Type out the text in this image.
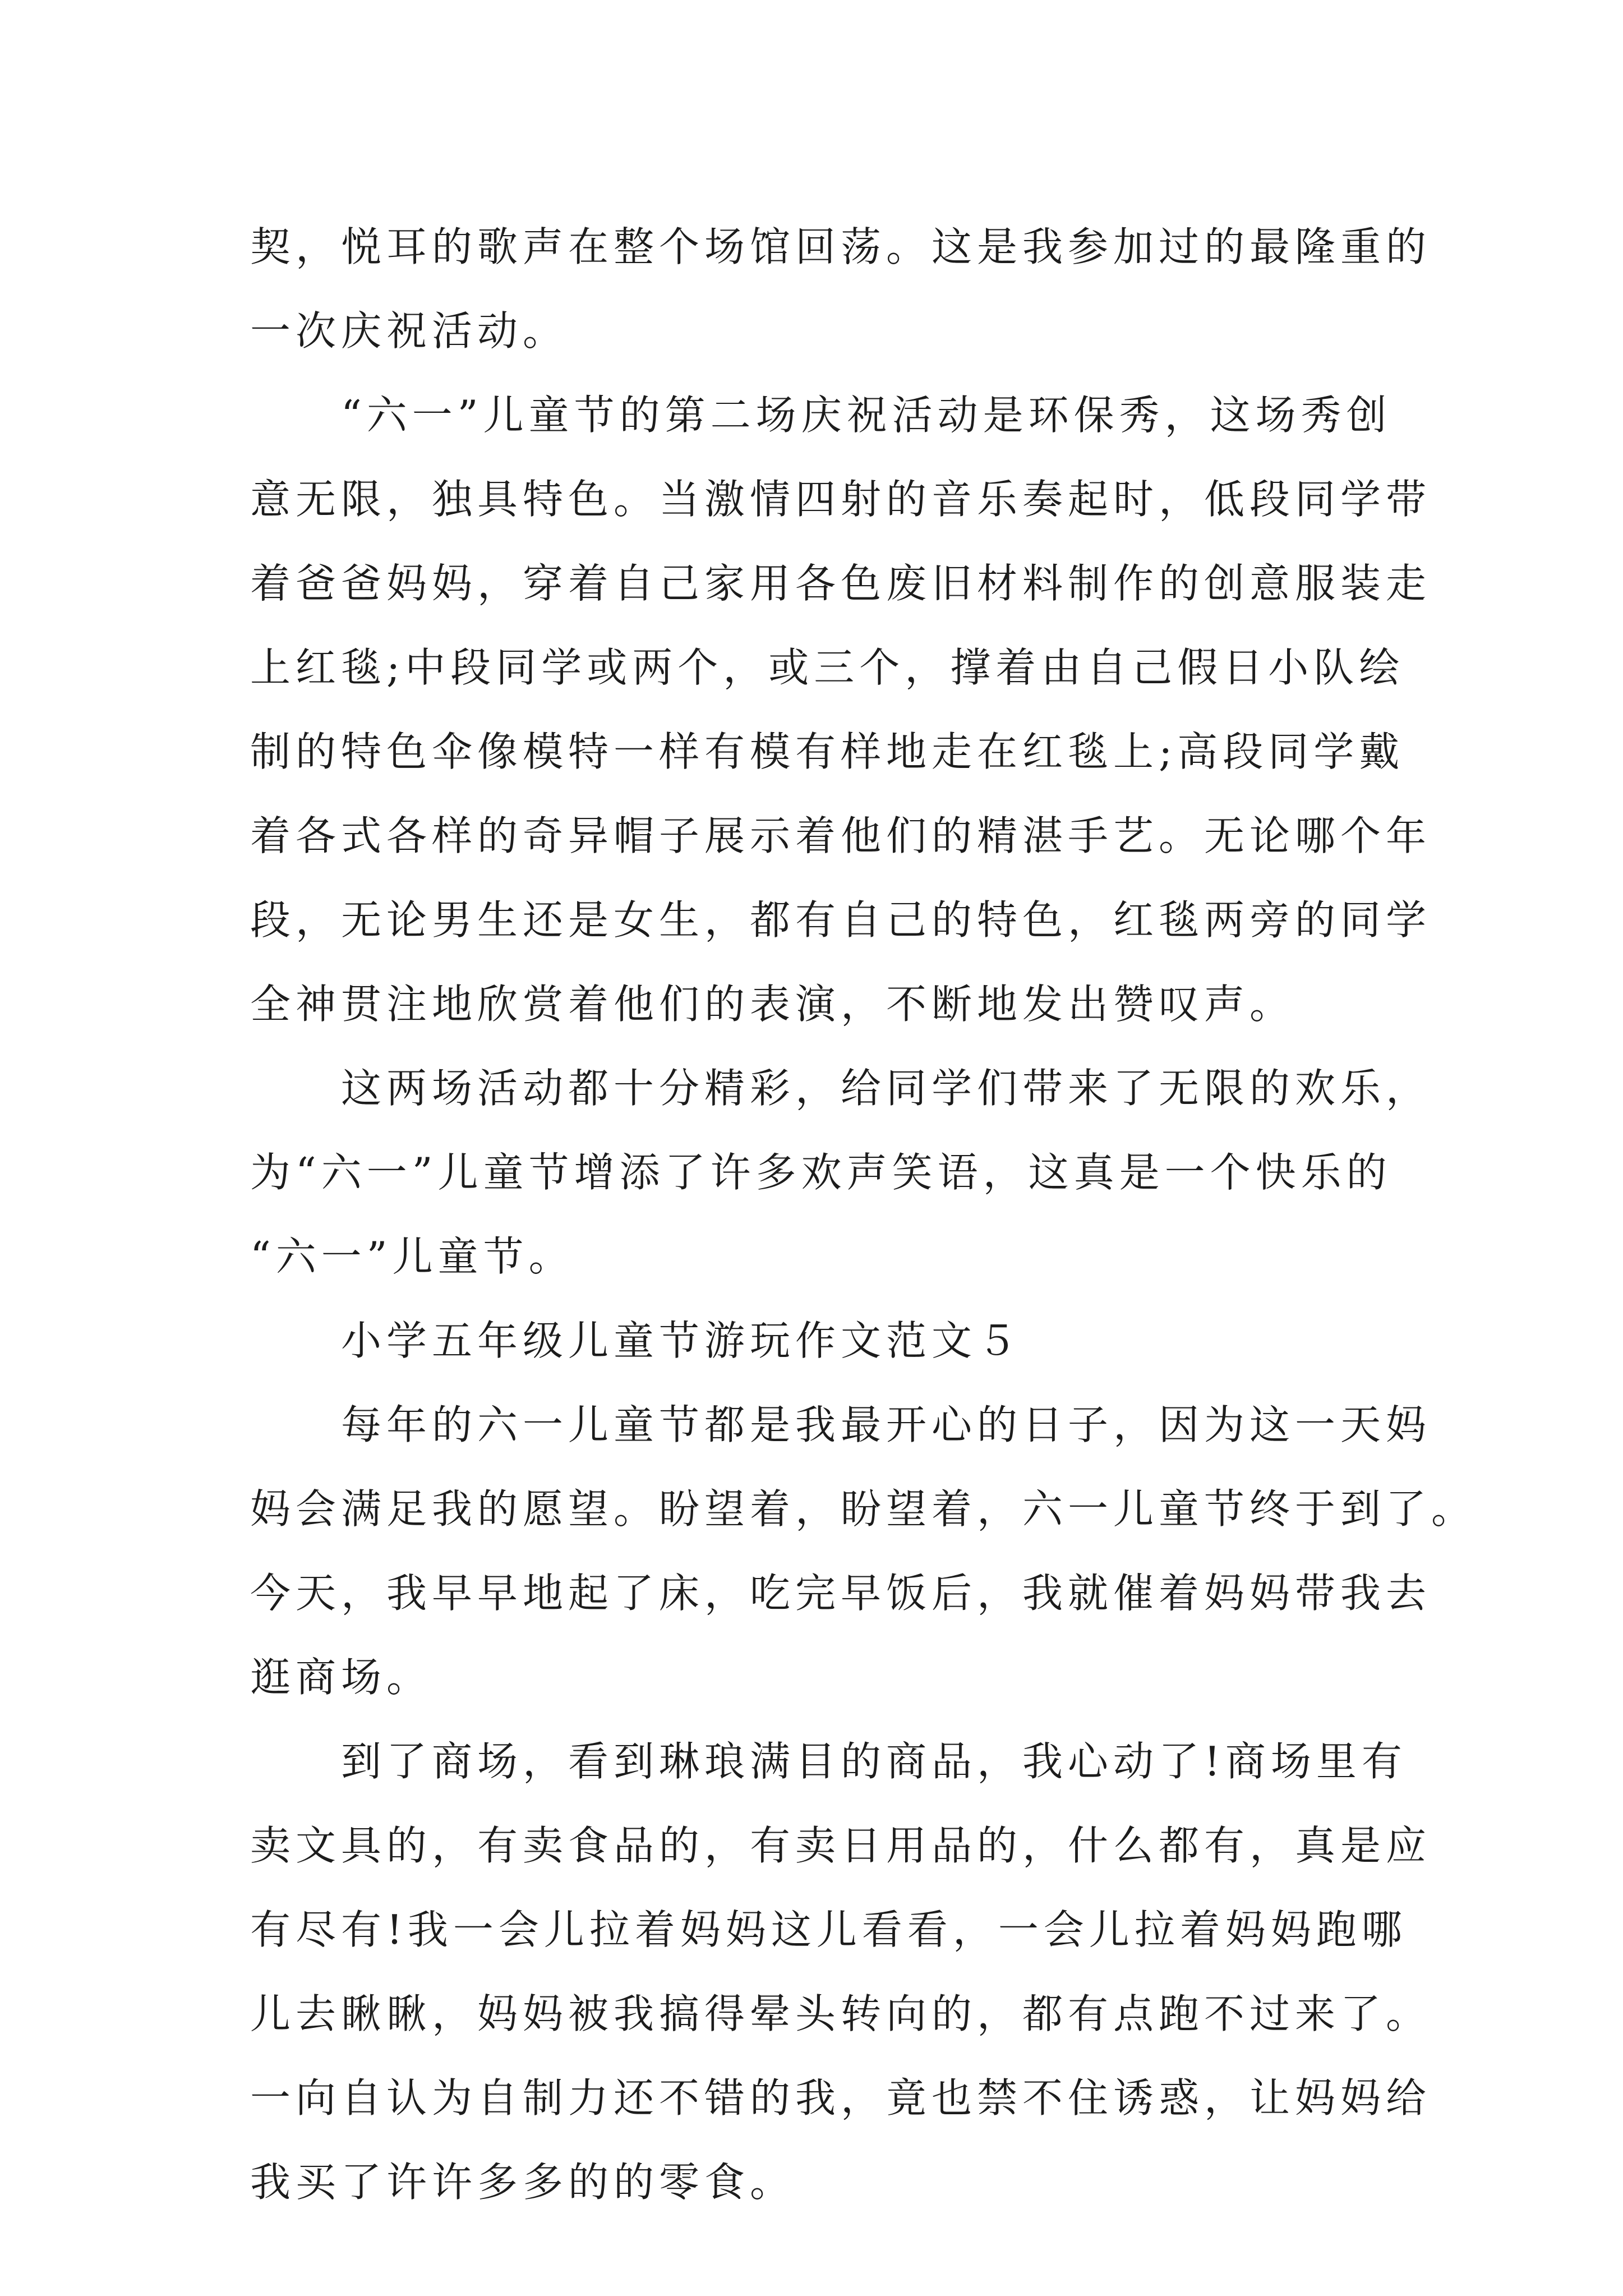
契，悦耳的歌声在整个场馆回荡。这是我参加过的最隆重的

一次庆祝活动。

“六一”儿童节的第二场庆祝活动是环保秀，这场秀创

意无限，独具特色。当激情四射的音乐奏起时，低段同学带

着爸爸妈妈，穿着自己家用各色废旧材料制作的创意服装走

上红毯;中段同学或两个，或三个，撑着由自己假日小队绘

制的特色伞像模特一样有模有样地走在红毯上;高段同学戴

着各式各样的奇异帽子展示着他们的精湛手艺。无论哪个年

段，无论男生还是女生，都有自己的特色，红毯两旁的同学

全神贯注地欣赏着他们的表演，不断地发出赞叹声。

这两场活动都十分精彩，给同学们带来了无限的欢乐，

为“六一”儿童节增添了许多欢声笑语，这真是一个快乐的

“六一”儿童节。

小学五年级儿童节游玩作文范文５

每年的六一儿童节都是我最开心的日子，因为这一天妈

妈会满足我的愿望。盼望着，盼望着，六一儿童节终于到了。

今天，我早早地起了床，吃完早饭后，我就催着妈妈带我去

逛商场。

到了商场，看到琳琅满目的商品，我心动了!商场里有

卖文具的，有卖食品的，有卖日用品的，什么都有，真是应

有尽有!我一会儿拉着妈妈这儿看看，一会儿拉着妈妈跑哪

儿去瞅瞅，妈妈被我搞得晕头转向的，都有点跑不过来了。

一向自认为自制力还不错的我，竟也禁不住诱惑，让妈妈给

我买了许许多多的的零食。
